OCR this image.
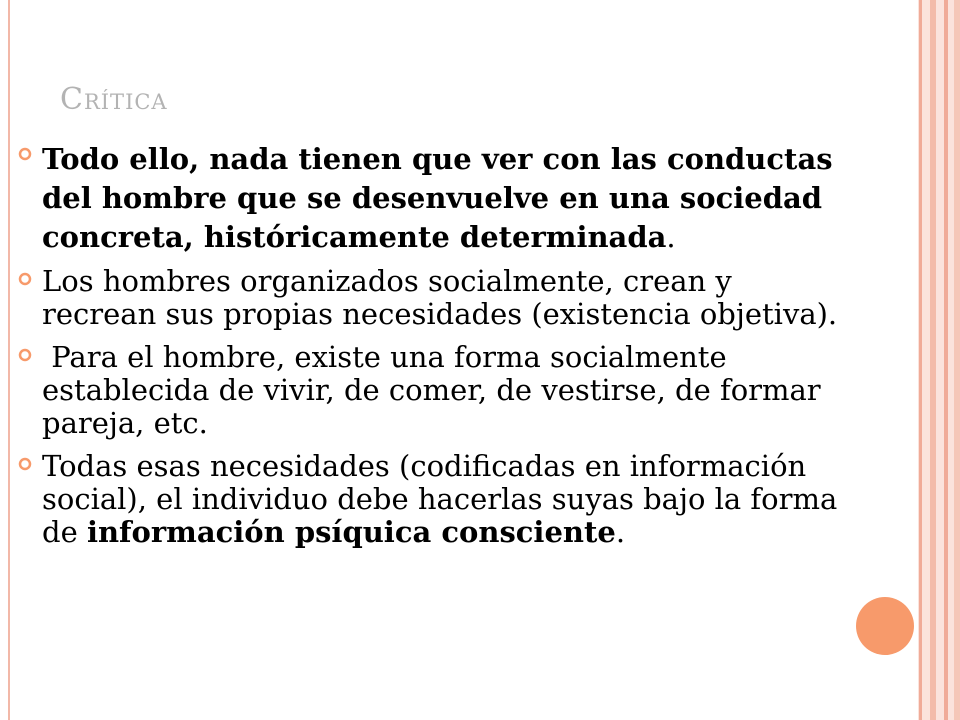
Crítica
Todo ello, nada tienen que ver con las conductas del hombre que se desenvuelve en una sociedad concreta, históricamente determinada.
Los hombres organizados socialmente, crean y recrean sus propias necesidades (existencia objetiva).
Para el hombre, existe una forma socialmente establecida de vivir, de comer, de vestirse, de formar pareja, etc.
Todas esas necesidades (codificadas en información social), el individuo debe hacerlas suyas bajo la forma de información psíquica consciente.
